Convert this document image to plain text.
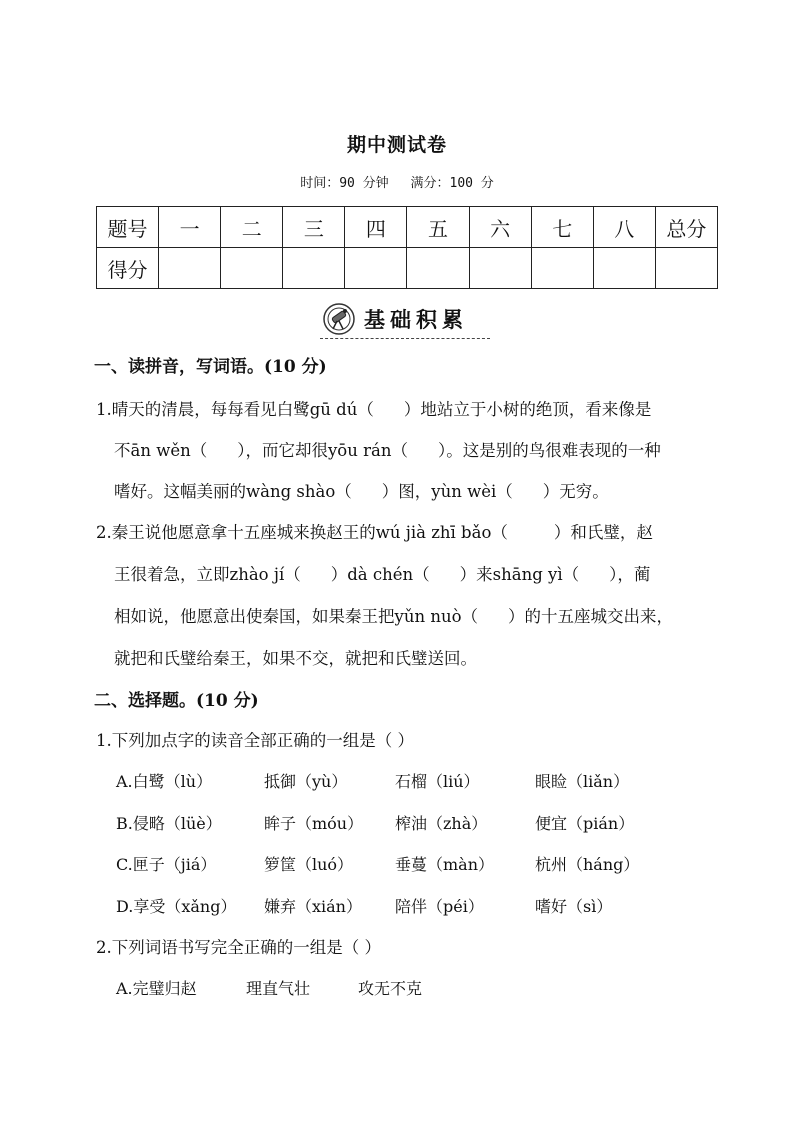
期中测试卷
时间：90 分钟 满分：100 分
题号	一	二	三	四	五	六	七	八	总分
得分									
基础积累
一、读拼音，写词语。(10 分)
1.晴天的清晨，每每看见白鹭gū dú（ ）地站立于小树的绝顶，看来像是
不ān wěn（ ），而它却很yōu rán（ ）。这是别的鸟很难表现的一种
嗜好。这幅美丽的wàng shào（ ）图，yùn wèi（ ）无穷。
2.秦王说他愿意拿十五座城来换赵王的wú jià zhī bǎo（	）和氏璧，赵
王很着急，立即zhào jí（ ）dà chén（ ）来shāng yì（ ），蔺
相如说，他愿意出使秦国，如果秦王把yǔn nuò（ ）的十五座城交出来，
就把和氏璧给秦王，如果不交，就把和氏璧送回。
二、选择题。(10 分)
1.下列加点字的读音全部正确的一组是（ ）
A.白鹭（lù）	抵御（yù）	石榴（liú）	眼睑（liǎn）
B.侵略（lüè）	眸子（móu） 榨油（zhà）	便宜（pián）
C.匣子（jiá）	箩筐（luó）	垂蔓（màn）	杭州（háng）
D.享受（xǎng） 嫌弃（xián） 陪伴（péi）	嗜好（sì）
2.下列词语书写完全正确的一组是（ ）
A.完璧归赵	理直气壮	攻无不克
